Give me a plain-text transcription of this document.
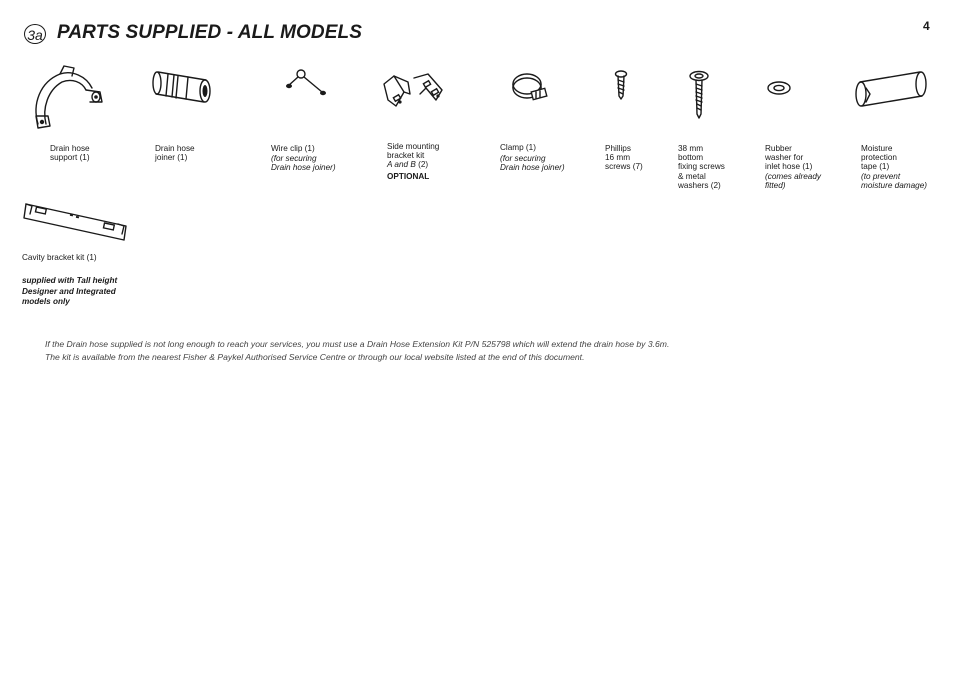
3a PARTS SUPPLIED - ALL MODELS	4
Drain hose
support (1)
Drain hose
joiner (1)
Wire clip (1)
(for securing
Drain hose joiner)
Side mounting
bracket kit
A and B (2)
OPTIONAL
Clamp (1)
(for securing
Drain hose joiner)
Phillips
16 mm
screws (7)
38 mm
bottom
fixing screws
& metal
washers (2)
Rubber
washer for
inlet hose (1)
(comes already
fitted)
Moisture
protection
tape (1)
(to prevent
moisture damage)
Cavity bracket kit (1)
supplied with Tall height
Designer and Integrated
models only
If the Drain hose supplied is not long enough to reach your services, you must use a Drain Hose Extension Kit P/N 525798 which will extend the drain hose by 3.6m.
The kit is available from the nearest Fisher & Paykel Authorised Service Centre or through our local website listed at the end of this document.
